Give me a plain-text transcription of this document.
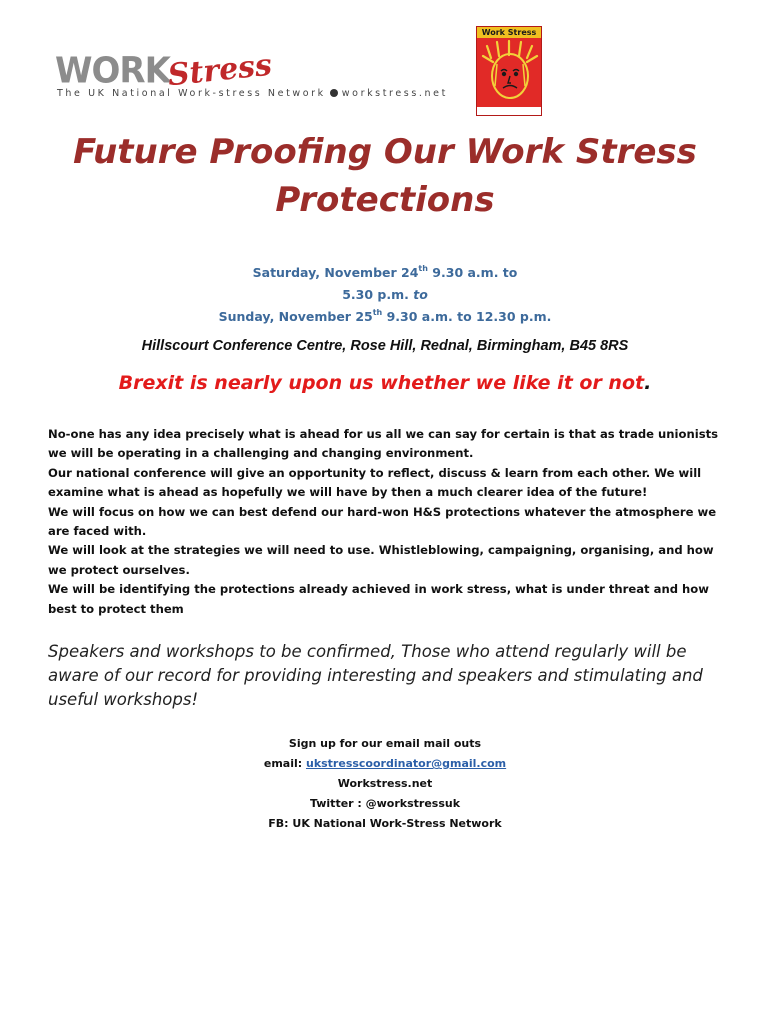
WORKStress
The UK National Work-stress Network workstress.net
Work Stress
Future Proofing Our Work Stress
Protections
Saturday, November 24th 9.30 a.m. to
5.30 p.m. to
Sunday, November 25th 9.30 a.m. to 12.30 p.m.
Hillscourt Conference Centre, Rose Hill, Rednal, Birmingham, B45 8RS
Brexit is nearly upon us whether we like it or not.

No-one has any idea precisely what is ahead for us all we can say for certain is that as trade unionists we will be operating in a challenging and changing environment.

Our national conference will give an opportunity to reflect, discuss & learn from each other. We will examine what is ahead as hopefully we will have by then a much clearer idea of the future!

We will focus on how we can best defend our hard-won H&S protections whatever the atmosphere we are faced with.

We will look at the strategies we will need to use. Whistleblowing, campaigning, organising, and how we protect ourselves.

We will be identifying the protections already achieved in work stress, what is under threat and how best to protect them

Speakers and workshops to be confirmed, Those who attend regularly will be aware of our record for providing interesting and speakers and stimulating and useful workshops!

Sign up for our email mail outs
email: ukstresscoordinator@gmail.com
Workstress.net
Twitter : @workstressuk
FB: UK National Work-Stress Network
